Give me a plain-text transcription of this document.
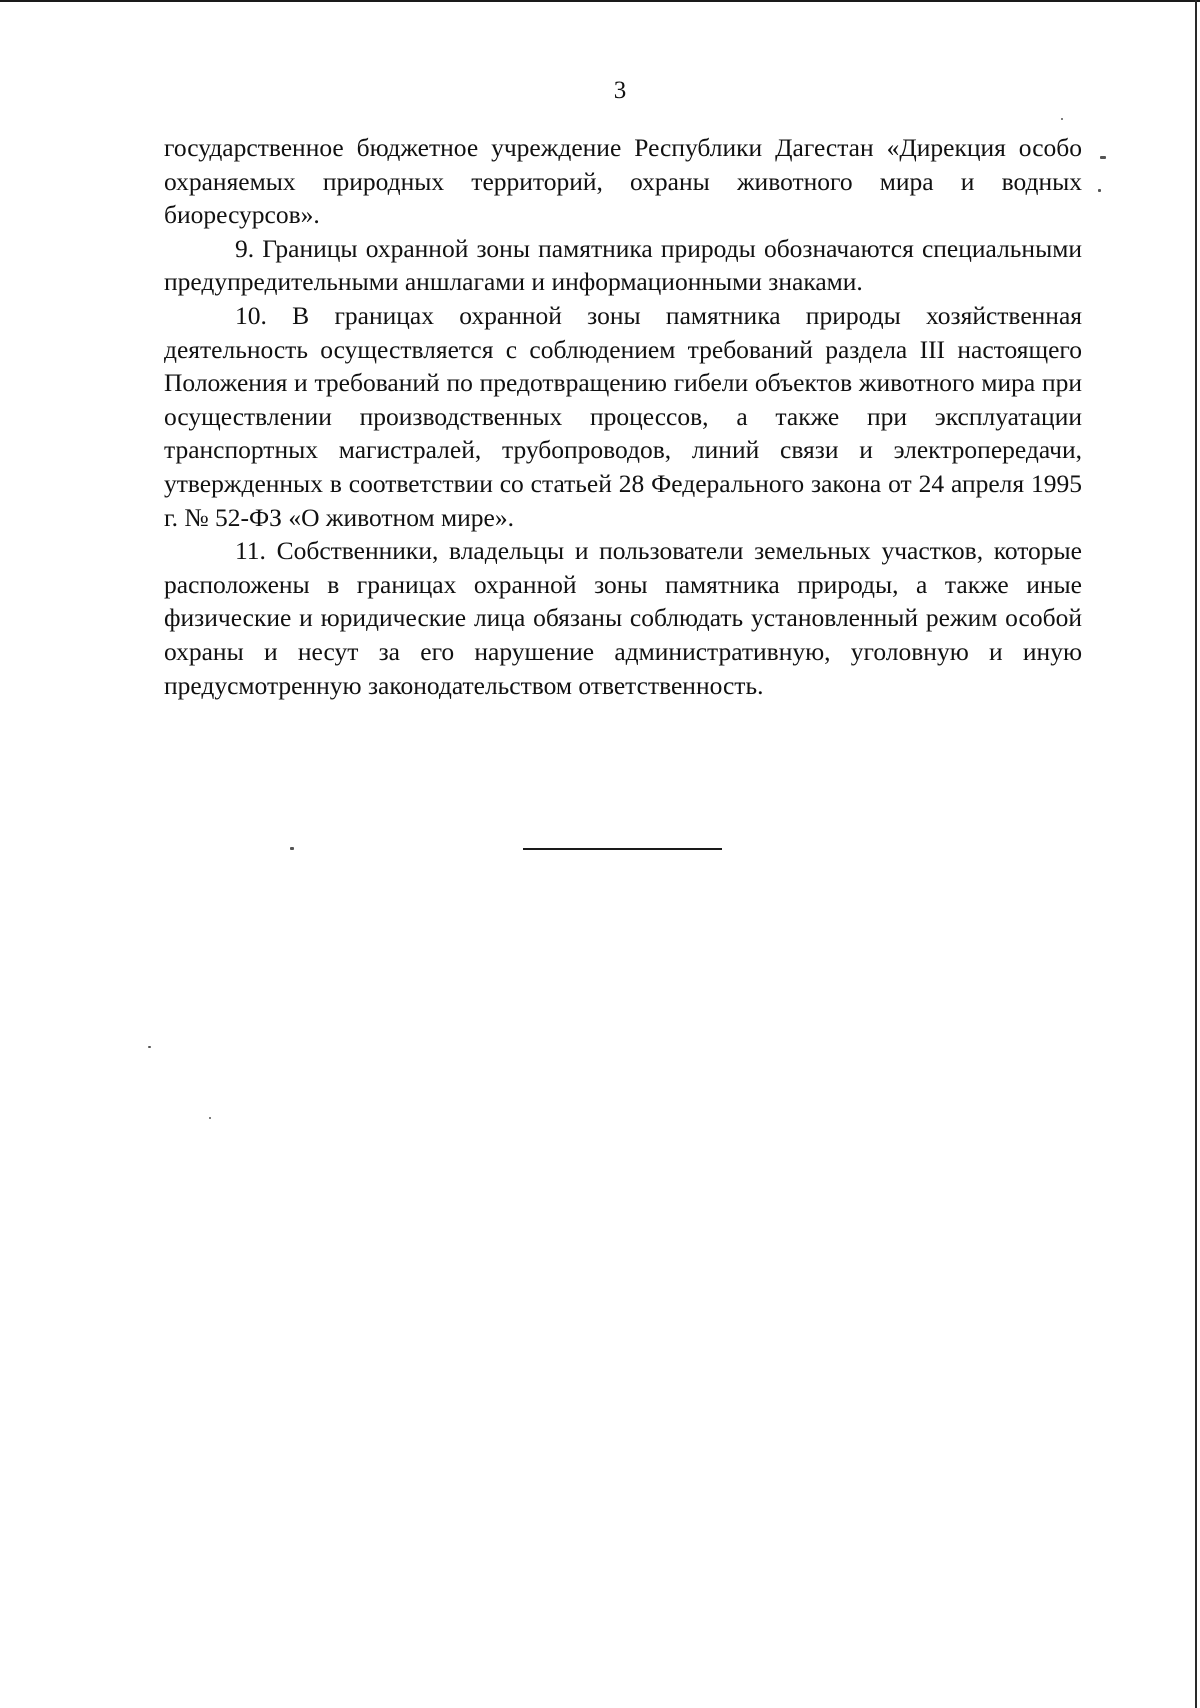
3

государственное бюджетное учреждение Республики Дагестан «Дирекция особо охраняемых природных территорий, охраны животного мира и водных биоресурсов».

9. Границы охранной зоны памятника природы обозначаются специальными предупредительными аншлагами и информационными знаками.

10. В границах охранной зоны памятника природы хозяйственная деятельность осуществляется с соблюдением требований раздела III настоящего Положения и требований по предотвращению гибели объектов животного мира при осуществлении производственных процессов, а также при эксплуатации транспортных магистралей, трубопроводов, линий связи и электропередачи, утвержденных в соответствии со статьей 28 Федерального закона от 24 апреля 1995 г. № 52-ФЗ «О животном мире».

11. Собственники, владельцы и пользователи земельных участков, которые расположены в границах охранной зоны памятника природы, а также иные физические и юридические лица обязаны соблюдать установленный режим особой охраны и несут за его нарушение административную, уголовную и иную предусмотренную законодательством ответственность.
